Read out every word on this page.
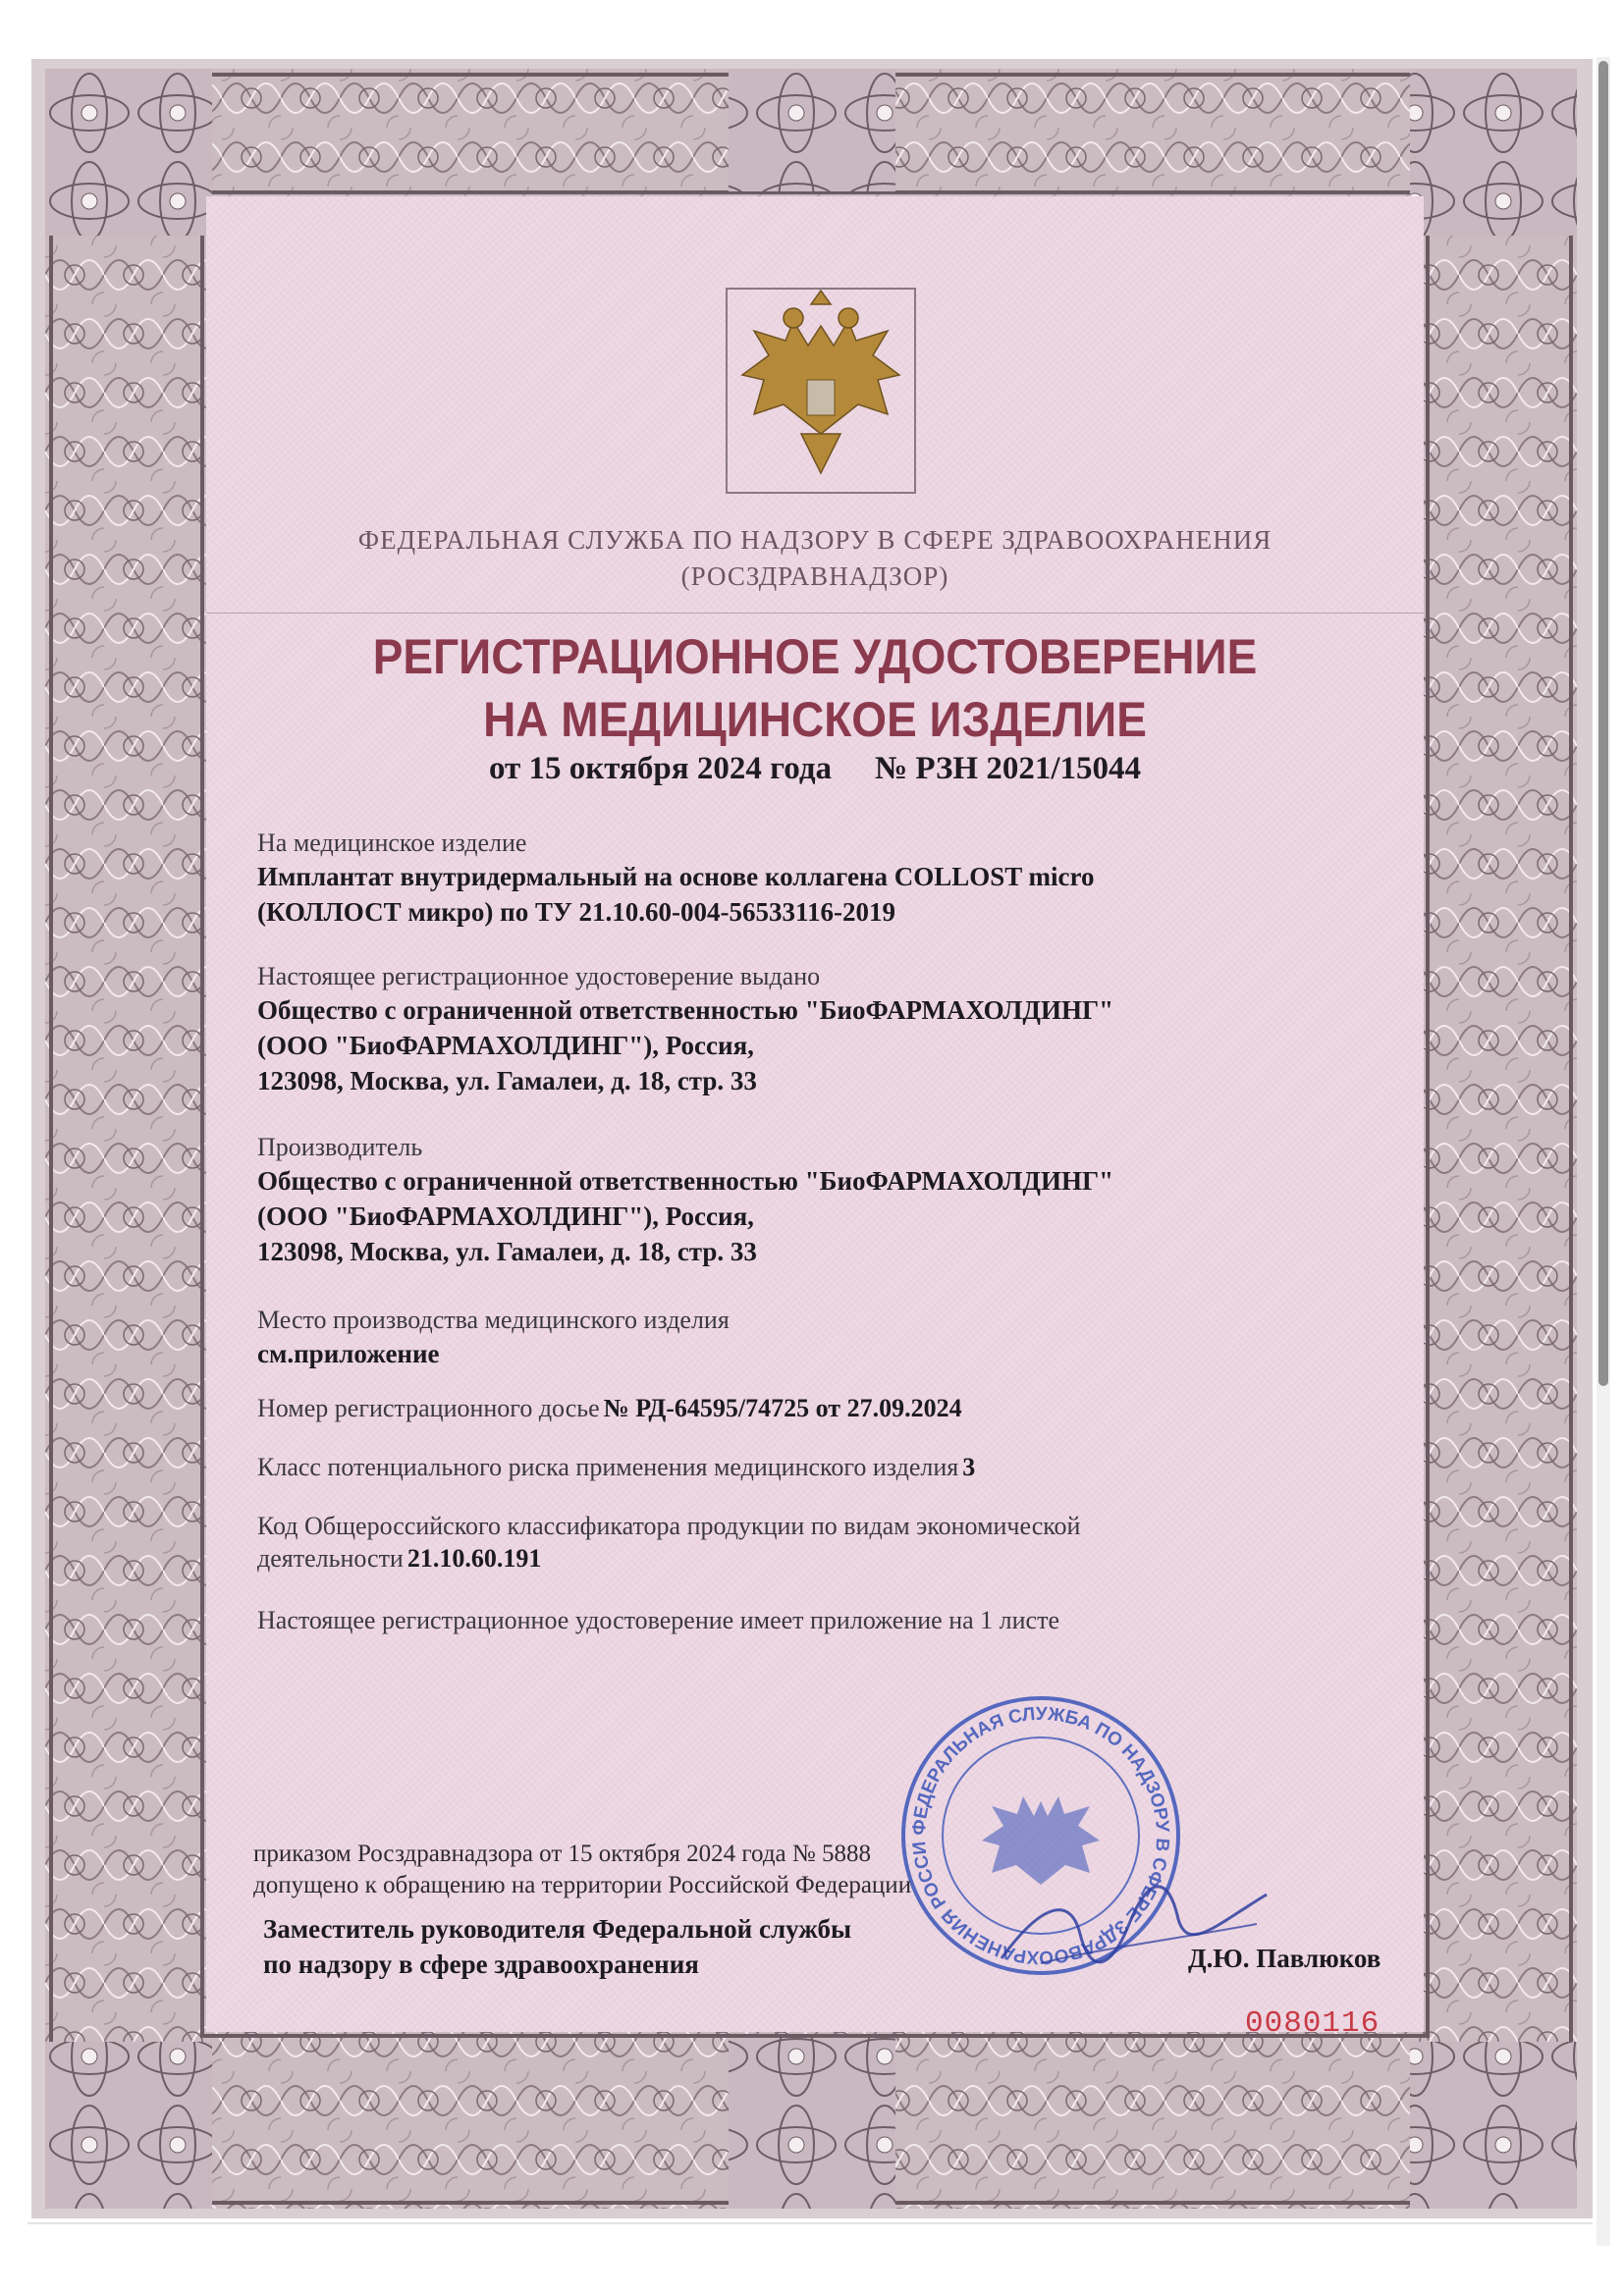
ФЕДЕРАЛЬНАЯ СЛУЖБА ПО НАДЗОРУ В СФЕРЕ ЗДРАВООХРАНЕНИЯ
(РОСЗДРАВНАДЗОР)
РЕГИСТРАЦИОННОЕ УДОСТОВЕРЕНИЕ
НА МЕДИЦИНСКОЕ ИЗДЕЛИЕ
от 15 октября 2024 года № РЗН 2021/15044
На медицинское изделие
Имплантат внутридермальный на основе коллагена COLLOST micro
(КОЛЛОСТ микро) по ТУ 21.10.60-004-56533116-2019
Настоящее регистрационное удостоверение выдано
Общество с ограниченной ответственностью "БиоФАРМАХОЛДИНГ"
(ООО "БиоФАРМАХОЛДИНГ"), Россия,
123098, Москва, ул. Гамалеи, д. 18, стр. 33
Производитель
Общество с ограниченной ответственностью "БиоФАРМАХОЛДИНГ"
(ООО "БиоФАРМАХОЛДИНГ"), Россия,
123098, Москва, ул. Гамалеи, д. 18, стр. 33
Место производства медицинского изделия
см.приложение
Номер регистрационного досье № РД-64595/74725 от 27.09.2024
Класс потенциального риска применения медицинского изделия 3
Код Общероссийского классификатора продукции по видам экономической
деятельности 21.10.60.191
Настоящее регистрационное удостоверение имеет приложение на 1 листе
ФЕДЕРАЛЬНАЯ СЛУЖБА ПО НАДЗОРУ В СФЕРЕ ЗДРАВООХРАНЕНИЯ РОССИ
приказом Росздравнадзора от 15 октября 2024 года № 5888
допущено к обращению на территории Российской Федерации
Заместитель руководителя Федеральной службы
по надзору в сфере здравоохранения	Д.Ю. Павлюков
0080116
